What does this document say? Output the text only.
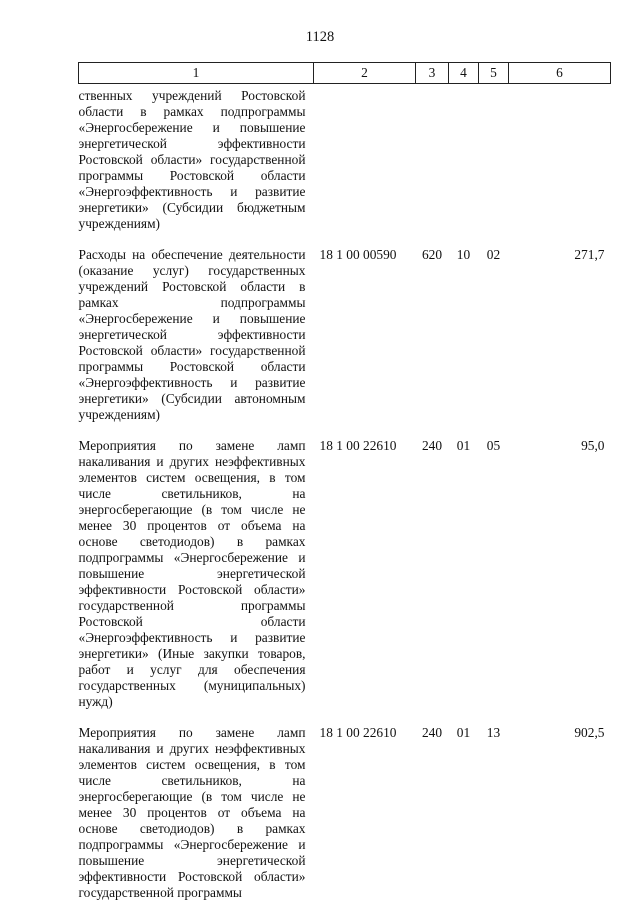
1128
1	2	3	4	5	6
ственных учреждений Ростовской области в рамках подпрограммы «Энергосбережение и повышение энергетической эффективности Ростовской области» государственной программы Ростовской области «Энергоэффективность и развитие энергетики» (Субсидии бюджетным учреждениям)					
Расходы на обеспечение деятельности (оказание услуг) государственных учреждений Ростовской области в рамках подпрограммы «Энергосбережение и повышение энергетической эффективности Ростовской области» государственной программы Ростовской области «Энергоэффективность и развитие энергетики» (Субсидии автономным учреждениям)	18 1 00 00590	620	10	02	271,7
Мероприятия по замене ламп накаливания и других неэффективных элементов систем освещения, в том числе светильников, на энергосберегающие (в том числе не менее 30 процентов от объема на основе светодиодов) в рамках подпрограммы «Энергосбережение и повышение энергетической эффективности Ростовской области» государственной программы Ростовской области «Энергоэффективность и развитие энергетики» (Иные закупки товаров, работ и услуг для обеспечения государственных (муниципальных) нужд)	18 1 00 22610	240	01	05	95,0
Мероприятия по замене ламп накаливания и других неэффективных элементов систем освещения, в том числе светильников, на энергосберегающие (в том числе не менее 30 процентов от объема на основе светодиодов) в рамках подпрограммы «Энергосбережение и повышение энергетической эффективности Ростовской области» государственной программы	18 1 00 22610	240	01	13	902,5
